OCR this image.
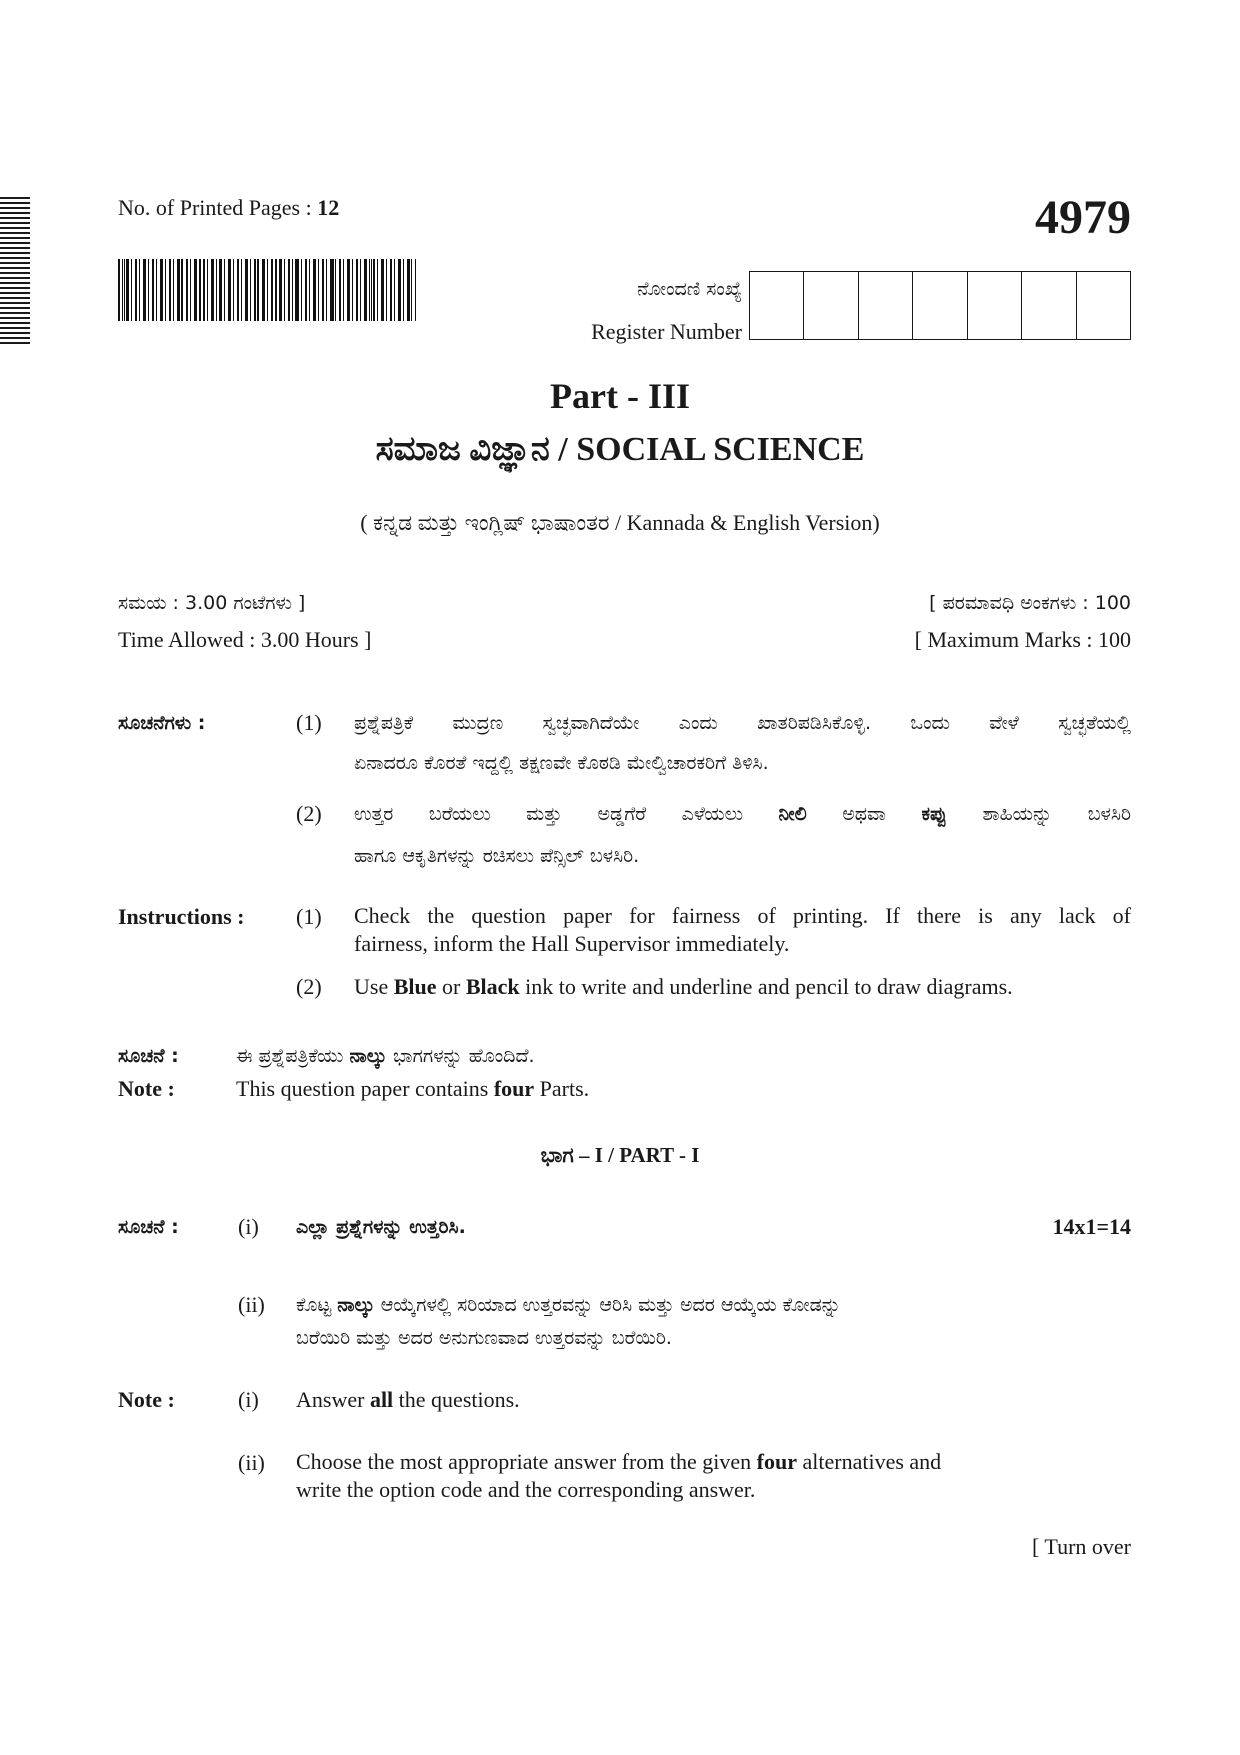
No. of Printed Pages : 12	4979
ನೋಂದಣಿ ಸಂಖ್ಯೆ
Register Number
Part - III
ಸಮಾಜ ವಿಜ್ಞಾನ / SOCIAL SCIENCE
( ಕನ್ನಡ ಮತ್ತು ಇಂಗ್ಲಿಷ್ ಭಾಷಾಂತರ / Kannada & English Version)
ಸಮಯ : 3.00 ಗಂಟೆಗಳು ]
Time Allowed : 3.00 Hours ]
[ ಪರಮಾವಧಿ ಅಂಕಗಳು : 100
[ Maximum Marks : 100
ಸೂಚನೆಗಳು :	(1) ಪ್ರಶ್ನೆಪತ್ರಿಕೆ ಮುದ್ರಣ ಸ್ವಚ್ಛವಾಗಿದೆಯೇ ಎಂದು ಖಾತರಿಪಡಿಸಿಕೊಳ್ಳಿ. ಒಂದು ವೇಳೆ ಸ್ವಚ್ಛತೆಯಲ್ಲಿ
ಏನಾದರೂ ಕೊರತೆ ಇದ್ದಲ್ಲಿ ತಕ್ಷಣವೇ ಕೊಠಡಿ ಮೇಲ್ವಿಚಾರಕರಿಗೆ ತಿಳಿಸಿ.
(2) ಉತ್ತರ ಬರೆಯಲು ಮತ್ತು ಅಡ್ಡಗೆರೆ ಎಳೆಯಲು ನೀಲಿ ಅಥವಾ ಕಪ್ಪು ಶಾಹಿಯನ್ನು ಬಳಸಿರಿ
ಹಾಗೂ ಆಕೃತಿಗಳನ್ನು ರಚಿಸಲು ಪೆನ್ಸಿಲ್ ಬಳಸಿರಿ.
Instructions : (1) Check the question paper for fairness of printing. If there is any lack of
fairness, inform the Hall Supervisor immediately.
(2) Use Blue or Black ink to write and underline and pencil to draw diagrams.
ಸೂಚನೆ :	ಈ ಪ್ರಶ್ನೆಪತ್ರಿಕೆಯು ನಾಲ್ಕು ಭಾಗಗಳನ್ನು ಹೊಂದಿದೆ.
Note :	This question paper contains four Parts.
ಭಾಗ – I / PART - I
ಸೂಚನೆ :	(i) ಎಲ್ಲಾ ಪ್ರಶ್ನೆಗಳನ್ನು ಉತ್ತರಿಸಿ.	14x1=14
(ii) ಕೊಟ್ಟ ನಾಲ್ಕು ಆಯ್ಕೆಗಳಲ್ಲಿ ಸರಿಯಾದ ಉತ್ತರವನ್ನು ಆರಿಸಿ ಮತ್ತು ಅದರ ಆಯ್ಕೆಯ ಕೋಡನ್ನು
ಬರೆಯಿರಿ ಮತ್ತು ಅದರ ಅನುಗುಣವಾದ ಉತ್ತರವನ್ನು ಬರೆಯಿರಿ.
Note :	(i) Answer all the questions.
(ii) Choose the most appropriate answer from the given four alternatives and
write the option code and the corresponding answer.
[ Turn over
